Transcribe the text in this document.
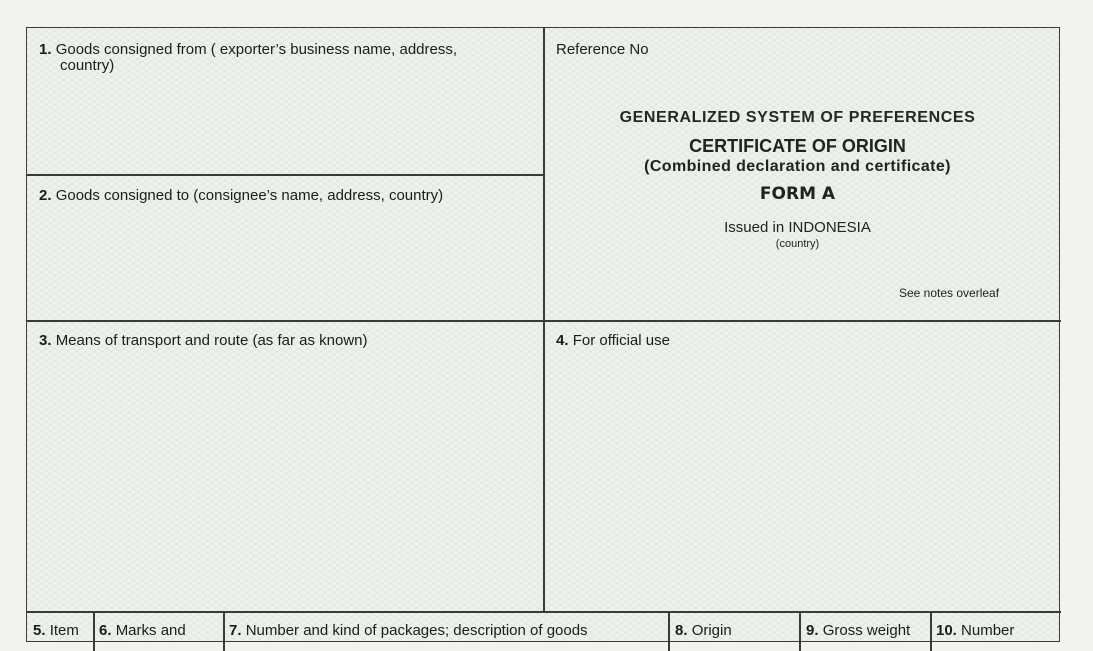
1. Goods consigned from ( exporter’s business name, address,
country)
Reference No
GENERALIZED SYSTEM OF PREFERENCES
CERTIFICATE OF ORIGIN
(Combined declaration and certificate)
FORM A
Issued in INDONESIA
(country)
See notes overleaf
2. Goods consigned to (consignee’s name, address, country)
3. Means of transport and route (as far as known)	4. For official use
5. Item	6. Marks and	7. Number and kind of packages; description of goods	8. Origin	9. Gross weight	10. Number
